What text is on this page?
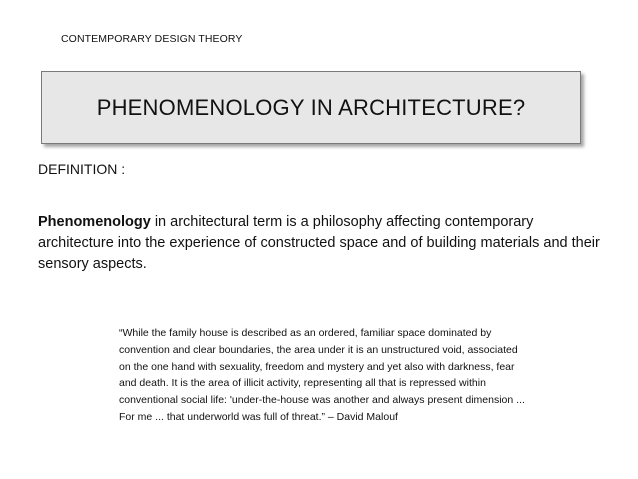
CONTEMPORARY DESIGN THEORY
PHENOMENOLOGY IN ARCHITECTURE?
DEFINITION :
Phenomenology in architectural term is a philosophy affecting contemporary architecture into the experience of constructed space and of building materials and their sensory aspects.
“While the family house is described as an ordered, familiar space dominated by convention and clear boundaries, the area under it is an unstructured void, associated on the one hand with sexuality, freedom and mystery and yet also with darkness, fear and death. It is the area of illicit activity, representing all that is repressed within conventional social life: 'under-the-house was another and always present dimension ... For me ... that underworld was full of threat.” – David Malouf
